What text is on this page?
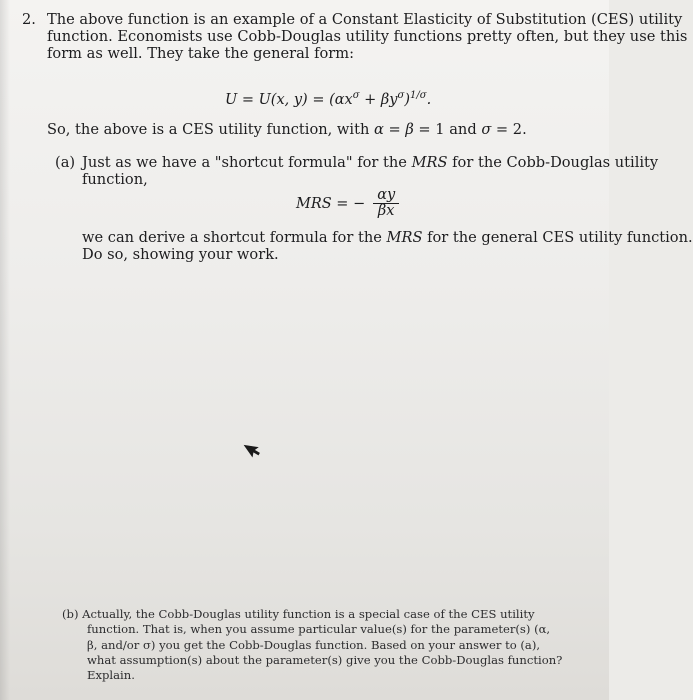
2. The above function is an example of a Constant Elasticity of Substitution (CES) utility
function. Economists use Cobb-Douglas utility functions pretty often, but they use this
form as well. They take the general form:
U = U(x, $y) = (\alpha x^\sigma + \beta y^\sigma)^{1/\sigma}$.
So, the above is a CES utility function, with α = β = 1 and σ = 2.
(a) Just as we have a "shortcut formula" for the MRS for the Cobb-Douglas utility
function,
MRS = − $\frac{\alpha y}{\beta x}$
we can derive a shortcut formula for the MRS for the general CES utility function.
Do so, showing your work.
(b) Actually, the Cobb-Douglas utility function is a special case of the CES utility
function. That is, when you assume particular value(s) for the parameter(s) (α,
β, and/or σ) you get the Cobb-Douglas function. Based on your answer to (a),
what assumption(s) about the parameter(s) give you the Cobb-Douglas function?
Explain.
